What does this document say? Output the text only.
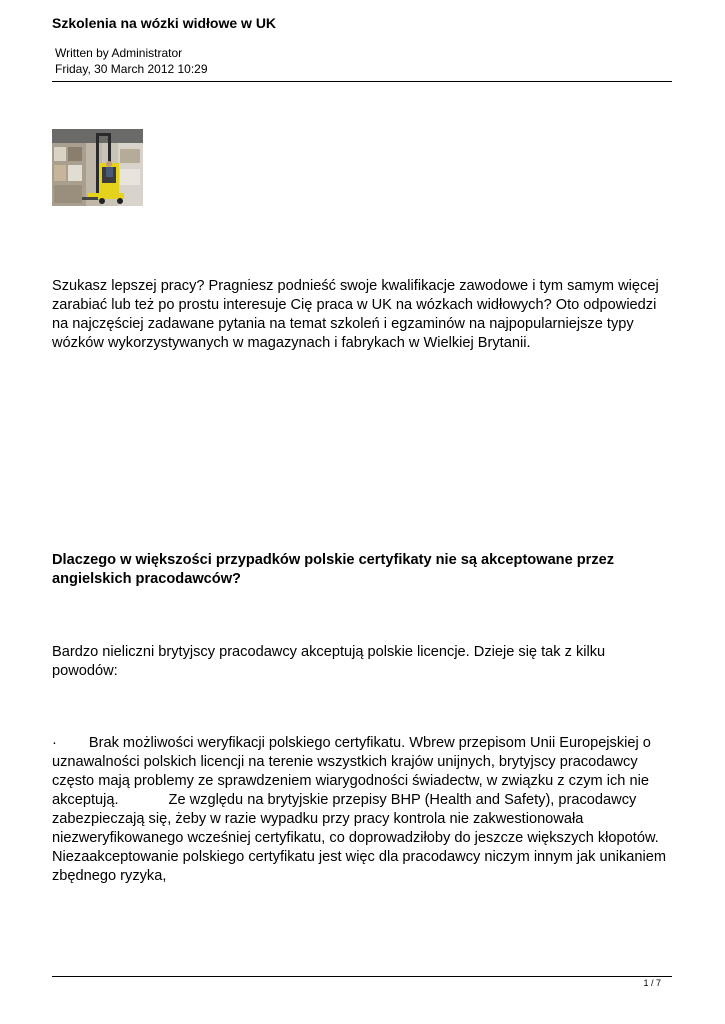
Szkolenia na wózki widłowe w UK
Written by Administrator
Friday, 30 March 2012 10:29
Szukasz lepszej pracy? Pragniesz podnieść swoje kwalifikacje zawodowe i tym samym więcej zarabiać lub też po prostu interesuje Cię praca w UK na wózkach widłowych? Oto odpowiedzi na najczęściej zadawane pytania na temat szkoleń i egzaminów na najpopularniejsze typy wózków wykorzystywanych w magazynach i fabrykach w Wielkiej Brytanii.
Dlaczego w większości przypadków polskie certyfikaty nie są akceptowane przez angielskich pracodawców?
Bardzo nieliczni brytyjscy pracodawcy akceptują polskie licencje. Dzieje się tak z kilku powodów:
· Brak możliwości weryfikacji polskiego certyfikatu. Wbrew przepisom Unii Europejskiej o uznawalności polskich licencji na terenie wszystkich krajów unijnych, brytyjscy pracodawcy często mają problemy ze sprawdzeniem wiarygodności świadectw, w związku z czym ich nie akceptują.	Ze względu na brytyjskie przepisy BHP (Health and Safety), pracodawcy zabezpieczają się, żeby w razie wypadku przy pracy kontrola nie zakwestionowała niezweryfikowanego wcześniej certyfikatu, co doprowadziłoby do jeszcze większych kłopotów. Niezaakceptowanie polskiego certyfikatu jest więc dla pracodawcy niczym innym jak unikaniem zbędnego ryzyka,
1 / 7
